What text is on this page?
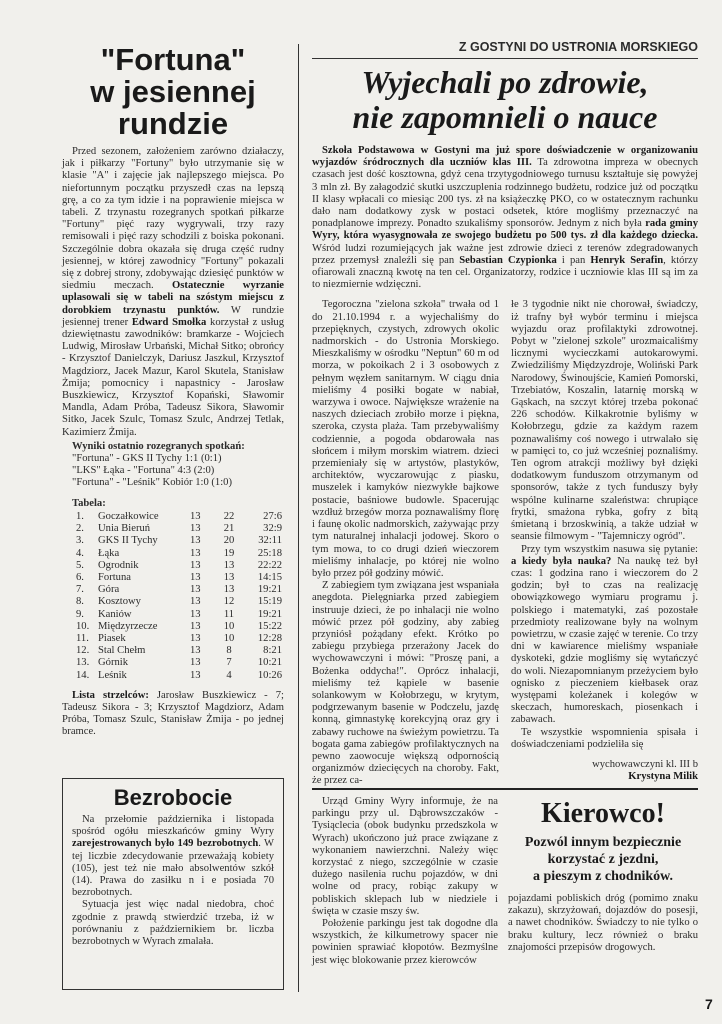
"Fortuna"
w jesiennej
rundzie

Przed sezonem, założeniem zarówno działaczy, jak i piłkarzy "Fortuny" było utrzymanie się w klasie "A" i zajęcie jak najlepszego miejsca. Po niefortunnym początku przyszedł czas na lepszą grę, a co za tym idzie i na poprawienie miejsca w tabeli. Z trzynastu rozegranych spotkań piłkarze "Fortuny" pięć razy wygrywali, trzy razy remisowali i pięć razy schodzili z boiska pokonani. Szczególnie dobra okazała się druga część rudny jesiennej, w której zawodnicy "Fortuny" pokazali się z dobrej strony, zdobywając dziesięć punktów w siedmiu meczach. Ostatecznie wyrzanie uplasowali się w tabeli na szóstym miejscu z dorobkiem trzynastu punktów. W rundzie jesiennej trener Edward Smołka korzystał z usług dziewiętnastu zawodników: bramkarze - Wojciech Ludwig, Mirosław Urbański, Michał Sitko; obrońcy - Krzysztof Danielczyk, Dariusz Jaszkul, Krzysztof Magdziorz, Jacek Mazur, Karol Skutela, Stanisław Żmija; pomocnicy i napastnicy - Jarosław Buszkiewicz, Krzysztof Kopański, Sławomir Mandla, Adam Próba, Tadeusz Sikora, Sławomir Sitko, Jacek Szulc, Tomasz Szulc, Andrzej Tetlak, Kazimierz Żmija.

Wyniki ostatnio rozegranych spotkań:
"Fortuna" - GKS II Tychy 1:1 (0:1)
"LKS" Łąka - "Fortuna" 4:3 (2:0)
"Fortuna" - "Leśnik" Kobiór 1:0 (1:0)
Tabela:
1.	Goczałkowice	13	22	27:6
2.	Unia Bieruń	13	21	32:9
3.	GKS II Tychy	13	20	32:11
4.	Łąka	13	19	25:18
5.	Ogrodnik	13	13	22:22
6.	Fortuna	13	13	14:15
7.	Góra	13	13	19:21
8.	Kosztowy	13	12	15:19
9.	Kaniów	13	11	19:21
10.	Międzyrzecze	13	10	15:22
11.	Piasek	13	10	12:28
12.	Stal Chełm	13	8	8:21
13.	Górnik	13	7	10:21
14.	Leśnik	13	4	10:26

Lista strzelców: Jarosław Buszkiewicz - 7; Tadeusz Sikora - 3; Krzysztof Magdziorz, Adam Próba, Tomasz Szulc, Stanisław Żmija - po jednej bramce.

Bezrobocie

Na przełomie października i listopada spośród ogółu mieszkańców gminy Wyry zarejestrowanych było 149 bezrobotnych. W tej liczbie zdecydowanie przeważają kobiety (105), jest też nie mało absolwentów szkół (14). Prawa do zasiłku n i e posiada 70 bezrobotnych.

Sytuacja jest więc nadal niedobra, choć zgodnie z prawdą stwierdzić trzeba, iż w porównaniu z październikiem br. liczba bezrobotnych w Wyrach zmalała.

Z GOSTYNI DO USTRONIA MORSKIEGO
Wyjechali po zdrowie,
nie zapomnieli o nauce

Szkoła Podstawowa w Gostyni ma już spore doświadczenie w organizowaniu wyjazdów śródrocznych dla uczniów klas III. Ta zdrowotna impreza w obecnych czasach jest dość kosztowna, gdyż cena trzytygodniowego turnusu kształtuje się powyżej 3 mln zł. By załagodzić skutki uszczuplenia rodzinnego budżetu, rodzice już od początku II klasy wpłacali co miesiąc 200 tys. zł na książeczkę PKO, co w ostatecznym rachunku dało nam dodatkowy zysk w postaci odsetek, które mogliśmy przeznaczyć na ponadplanowe imprezy. Ponadto szukaliśmy sponsorów. Jednym z nich była rada gminy Wyry, która wyasygnowała ze swojego budżetu po 500 tys. zł dla każdego dziecka. Wśród ludzi rozumiejących jak ważne jest zdrowie dzieci z terenów zdegradowanych przez przemysł znaleźli się pan Sebastian Czypionka i pan Henryk Serafin, którzy ofiarowali znaczną kwotę na ten cel. Organizatorzy, rodzice i uczniowie klas III są im za to niezmiernie wdzięczni.

Tegoroczna "zielona szkoła" trwała od 1 do 21.10.1994 r. a wyjechaliśmy do przepięknych, czystych, zdrowych okolic nadmorskich - do Ustronia Morskiego. Mieszkaliśmy w ośrodku "Neptun" 60 m od morza, w pokoikach 2 i 3 osobowych z pełnym węzłem sanitarnym. W ciągu dnia mieliśmy 4 posiłki bogate w nabiał, warzywa i owoce. Największe wrażenie na naszych dzieciach zrobiło morze i piękna, szeroka, czysta plaża. Tam przebywaliśmy codziennie, a pogoda obdarowała nas słońcem i miłym morskim wiatrem. dzieci przemieniały się w artystów, plastyków, architektów, wyczarowując z piasku, muszelek i kamyków niezwykłe bajkowe postacie, baśniowe budowle. Spacerując wzdłuż brzegów morza poznawaliśmy florę i faunę okolic nadmorskich, zażywając przy tym naturalnej inhalacji jodowej. Skoro o tym mowa, to co drugi dzień wieczorem mieliśmy inhalacje, po której nie wolno było przez pół godziny mówić.

Z zabiegiem tym związana jest wspaniała anegdota. Pielęgniarka przed zabiegiem instruuje dzieci, że po inhalacji nie wolno mówić przez pół godziny, aby zabieg przyniósł pożądany efekt. Krótko po zabiegu przybiega przerażony Jacek do wychowawczyni i mówi: "Proszę pani, a Bożenka oddycha!". Oprócz inhalacji, mieliśmy też kąpiele w basenie solankowym w Kołobrzegu, w krytym, podgrzewanym basenie w Podczelu, jazdę konną, gimnastykę korekcyjną oraz gry i zabawy ruchowe na świeżym powietrzu. Ta bogata gama zabiegów profilaktycznych na pewno zaowocuje większą odpornością organizmów dziecięcych na choroby. Fakt, że przez ca-

łe 3 tygodnie nikt nie chorował, świadczy, iż trafny był wybór terminu i miejsca wyjazdu oraz profilaktyki zdrowotnej. Pobyt w "zielonej szkole" urozmaicaliśmy licznymi wycieczkami autokarowymi. Zwiedziliśmy Międzyzdroje, Woliński Park Narodowy, Świnoujście, Kamień Pomorski, Trzebiatów, Koszalin, latarnię morską w Gąskach, na szczyt której trzeba pokonać 226 schodów. Kilkakrotnie byliśmy w Kołobrzegu, gdzie za każdym razem poznawaliśmy coś nowego i utrwalało się w pamięci to, co już wcześniej poznaliśmy. Ten ogrom atrakcji możliwy był dzięki dodatkowym funduszom otrzymanym od sponsorów, także z tych funduszy były wspólne kulinarne szaleństwa: chrupiące frytki, smażona rybka, gofry z bitą śmietaną i brzoskwinią, a także udział w seansie filmowym - "Tajemniczy ogród".

Przy tym wszystkim nasuwa się pytanie: a kiedy była nauka? Na naukę też był czas: 1 godzina rano i wieczorem do 2 godzin; był to czas na realizację obowiązkowego wymiaru programu j. polskiego i matematyki, zaś pozostałe przedmioty realizowane były na wolnym powietrzu, w czasie zajęć w terenie. Co trzy dni w kawiarence mieliśmy wspaniałe dyskoteki, gdzie mogliśmy się wytańczyć do woli. Niezapomnianym przeżyciem było ognisko z pieczeniem kiełbasek oraz występami koleżanek i kolegów w skeczach, humoreskach, piosenkach i zabawach.

Te wszystkie wspomnienia spisała i doświadczeniami podzieliła się

wychowawczyni kl. III b
Krystyna Milik

Urząd Gminy Wyry informuje, że na parkingu przy ul. Dąbrowszczaków - Tysiąclecia (obok budynku przedszkola w Wyrach) ukończono już prace związane z wykonaniem nawierzchni. Należy więc korzystać z niego, szczególnie w czasie dużego nasilenia ruchu pojazdów, w dni wolne od pracy, robiąc zakupy w pobliskich sklepach lub w niedziele i święta w czasie mszy św.

Położenie parkingu jest tak dogodne dla wszystkich, że kilkumetrowy spacer nie powinien sprawiać kłopotów. Bezmyślne jest więc blokowanie przez kierowców

Kierowco!
Pozwól innym bezpiecznie
korzystać z jezdni,
a pieszym z chodników.

pojazdami pobliskich dróg (pomimo znaku zakazu), skrzyżowań, dojazdów do posesji, a nawet chodników. Świadczy to nie tylko o braku kultury, lecz również o braku znajomości przepisów drogowych.

7
